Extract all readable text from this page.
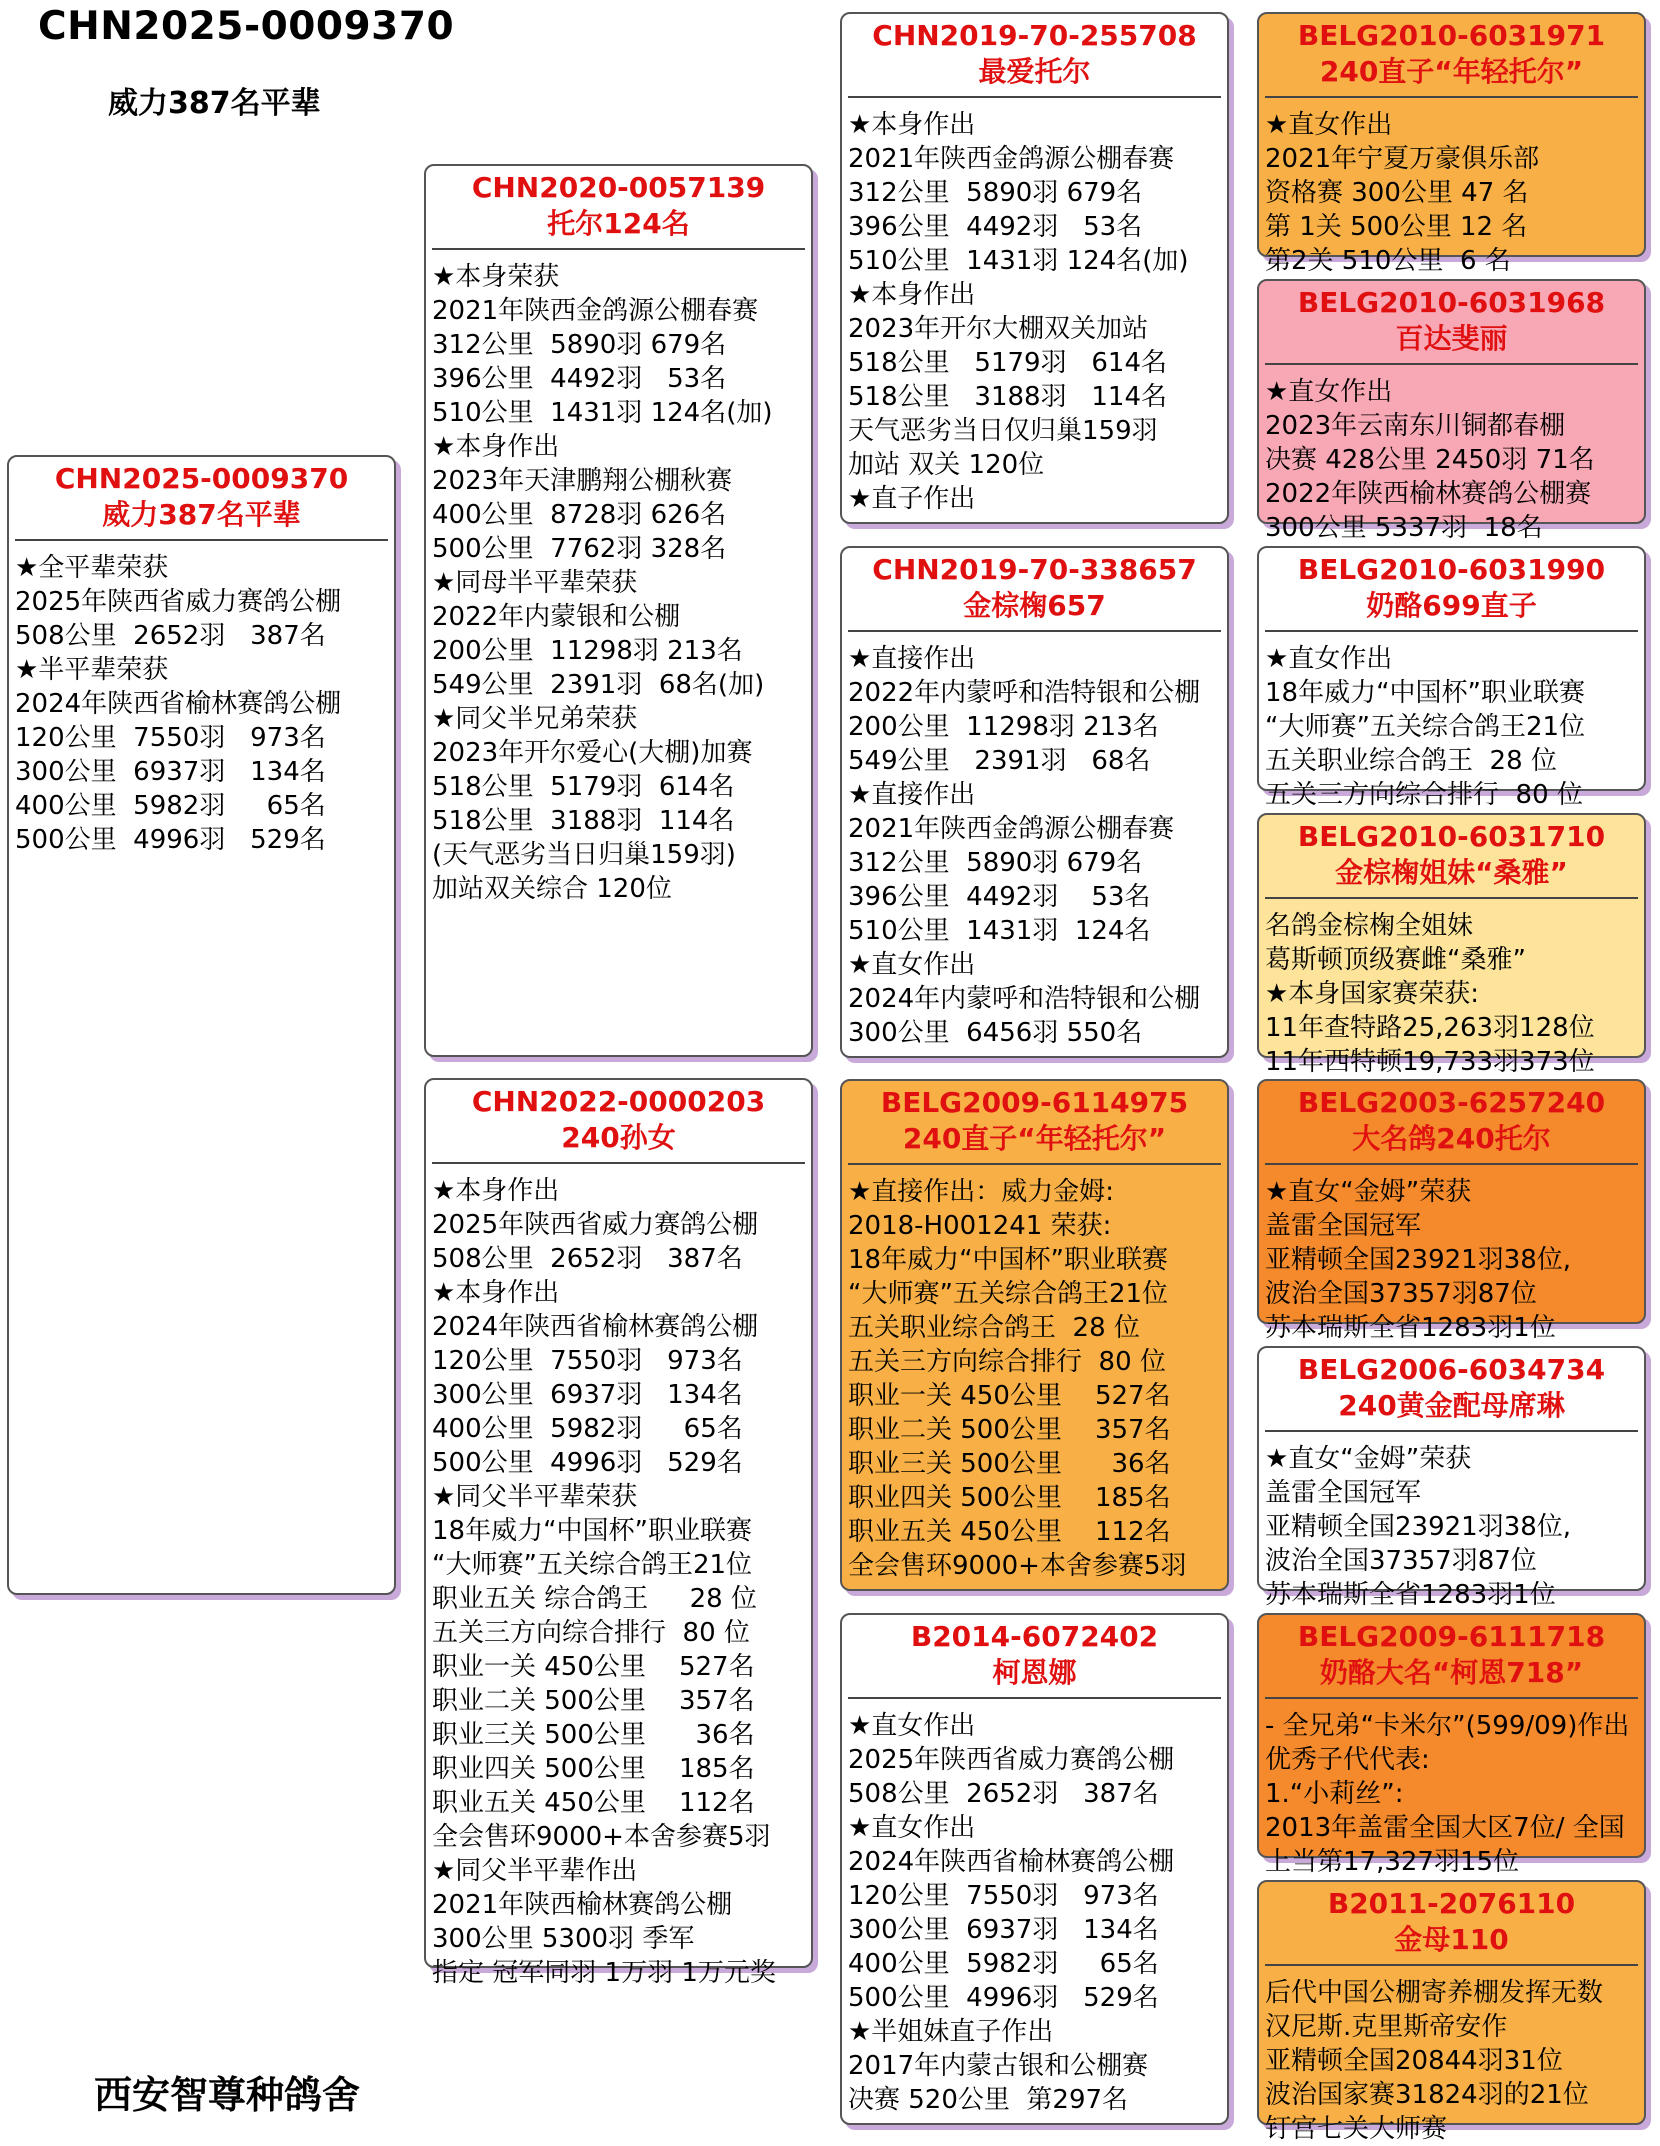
CHN2025-0009370
威力387名平辈
CHN2025-0009370
威力387名平辈
★全平辈荣获
2025年陕西省威力赛鸽公棚
508公里  2652羽   387名
★半平辈荣获
2024年陕西省榆林赛鸽公棚
120公里  7550羽   973名
300公里  6937羽   134名
400公里  5982羽     65名
500公里  4996羽   529名
CHN2020-0057139
托尔124名
★本身荣获
2021年陕西金鸽源公棚春赛
312公里  5890羽 679名
396公里  4492羽   53名
510公里  1431羽 124名(加)
★本身作出
2023年天津鹏翔公棚秋赛
400公里  8728羽 626名
500公里  7762羽 328名
★同母半平辈荣获
2022年内蒙银和公棚
200公里  11298羽 213名
549公里  2391羽  68名(加)
★同父半兄弟荣获
2023年开尔爱心(大棚)加赛
518公里  5179羽  614名
518公里  3188羽  114名
(天气恶劣当日归巢159羽)
加站双关综合 120位
CHN2022-0000203
240孙女
★本身作出
2025年陕西省威力赛鸽公棚
508公里  2652羽   387名
★本身作出
2024年陕西省榆林赛鸽公棚
120公里  7550羽   973名
300公里  6937羽   134名
400公里  5982羽     65名
500公里  4996羽   529名
★同父半平辈荣获
18年威力“中国杯”职业联赛
“大师赛”五关综合鸽王21位
职业五关 综合鸽王     28 位
五关三方向综合排行  80 位
职业一关 450公里    527名
职业二关 500公里    357名
职业三关 500公里      36名
职业四关 500公里    185名
职业五关 450公里    112名
全会售环9000+本舍参赛5羽
★同父半平辈作出
2021年陕西榆林赛鸽公棚
300公里 5300羽 季军
指定 冠军同羽 1万羽 1万元奖
CHN2019-70-255708
最爱托尔
★本身作出
2021年陕西金鸽源公棚春赛
312公里  5890羽 679名
396公里  4492羽   53名
510公里  1431羽 124名(加)
★本身作出
2023年开尔大棚双关加站
518公里   5179羽   614名
518公里   3188羽   114名
天气恶劣当日仅归巢159羽
加站 双关 120位
★直子作出
CHN2019-70-338657
金棕椈657
★直接作出
2022年内蒙呼和浩特银和公棚
200公里  11298羽 213名
549公里   2391羽   68名
★直接作出
2021年陕西金鸽源公棚春赛
312公里  5890羽 679名
396公里  4492羽    53名
510公里  1431羽  124名
★直女作出
2024年内蒙呼和浩特银和公棚
300公里  6456羽 550名
BELG2009-6114975
240直子“年轻托尔”
★直接作出：威力金姆:
2018-H001241 荣获:
18年威力“中国杯”职业联赛
“大师赛”五关综合鸽王21位
五关职业综合鸽王  28 位
五关三方向综合排行  80 位
职业一关 450公里    527名
职业二关 500公里    357名
职业三关 500公里      36名
职业四关 500公里    185名
职业五关 450公里    112名
全会售环9000+本舍参赛5羽
B2014-6072402
柯恩娜
★直女作出
2025年陕西省威力赛鸽公棚
508公里  2652羽   387名
★直女作出
2024年陕西省榆林赛鸽公棚
120公里  7550羽   973名
300公里  6937羽   134名
400公里  5982羽     65名
500公里  4996羽   529名
★半姐妹直子作出
2017年内蒙古银和公棚赛
决赛 520公里  第297名
BELG2010-6031971
240直子“年轻托尔”
★直女作出
2021年宁夏万豪俱乐部
资格赛 300公里 47 名
第 1关 500公里 12 名
第2关 510公里  6 名
BELG2010-6031968
百达斐丽
★直女作出
2023年云南东川铜都春棚
决赛 428公里 2450羽 71名
2022年陕西榆林赛鸽公棚赛
300公里 5337羽  18名
BELG2010-6031990
奶酪699直子
★直女作出
18年威力“中国杯”职业联赛
“大师赛”五关综合鸽王21位
五关职业综合鸽王  28 位
五关三方向综合排行  80 位
BELG2010-6031710
金棕椈姐妹“桑雅”
名鸽金棕椈全姐妹
葛斯顿顶级赛雌“桑雅”
★本身国家赛荣获:
11年查特路25,263羽128位
11年西特顿19,733羽373位
BELG2003-6257240
大名鸽240托尔
★直女“金姆”荣获
盖雷全国冠军
亚精顿全国23921羽38位,
波治全国37357羽87位
苏本瑞斯全省1283羽1位
BELG2006-6034734
240黄金配母席琳
★直女“金姆”荣获
盖雷全国冠军
亚精顿全国23921羽38位,
波治全国37357羽87位
苏本瑞斯全省1283羽1位
BELG2009-6111718
奶酪大名“柯恩718”
- 全兄弟“卡米尔”(599/09)作出
优秀子代代表:
1.“小莉丝”:
2013年盖雷全国大区7位/ 全国
上当第17,327羽15位
B2011-2076110
金母110
后代中国公棚寄养棚发挥无数
汉尼斯.克里斯帝安作
亚精顿全国20844羽31位
波治国家赛31824羽的21位
钉宫七关大师赛
西安智尊种鸽舍
